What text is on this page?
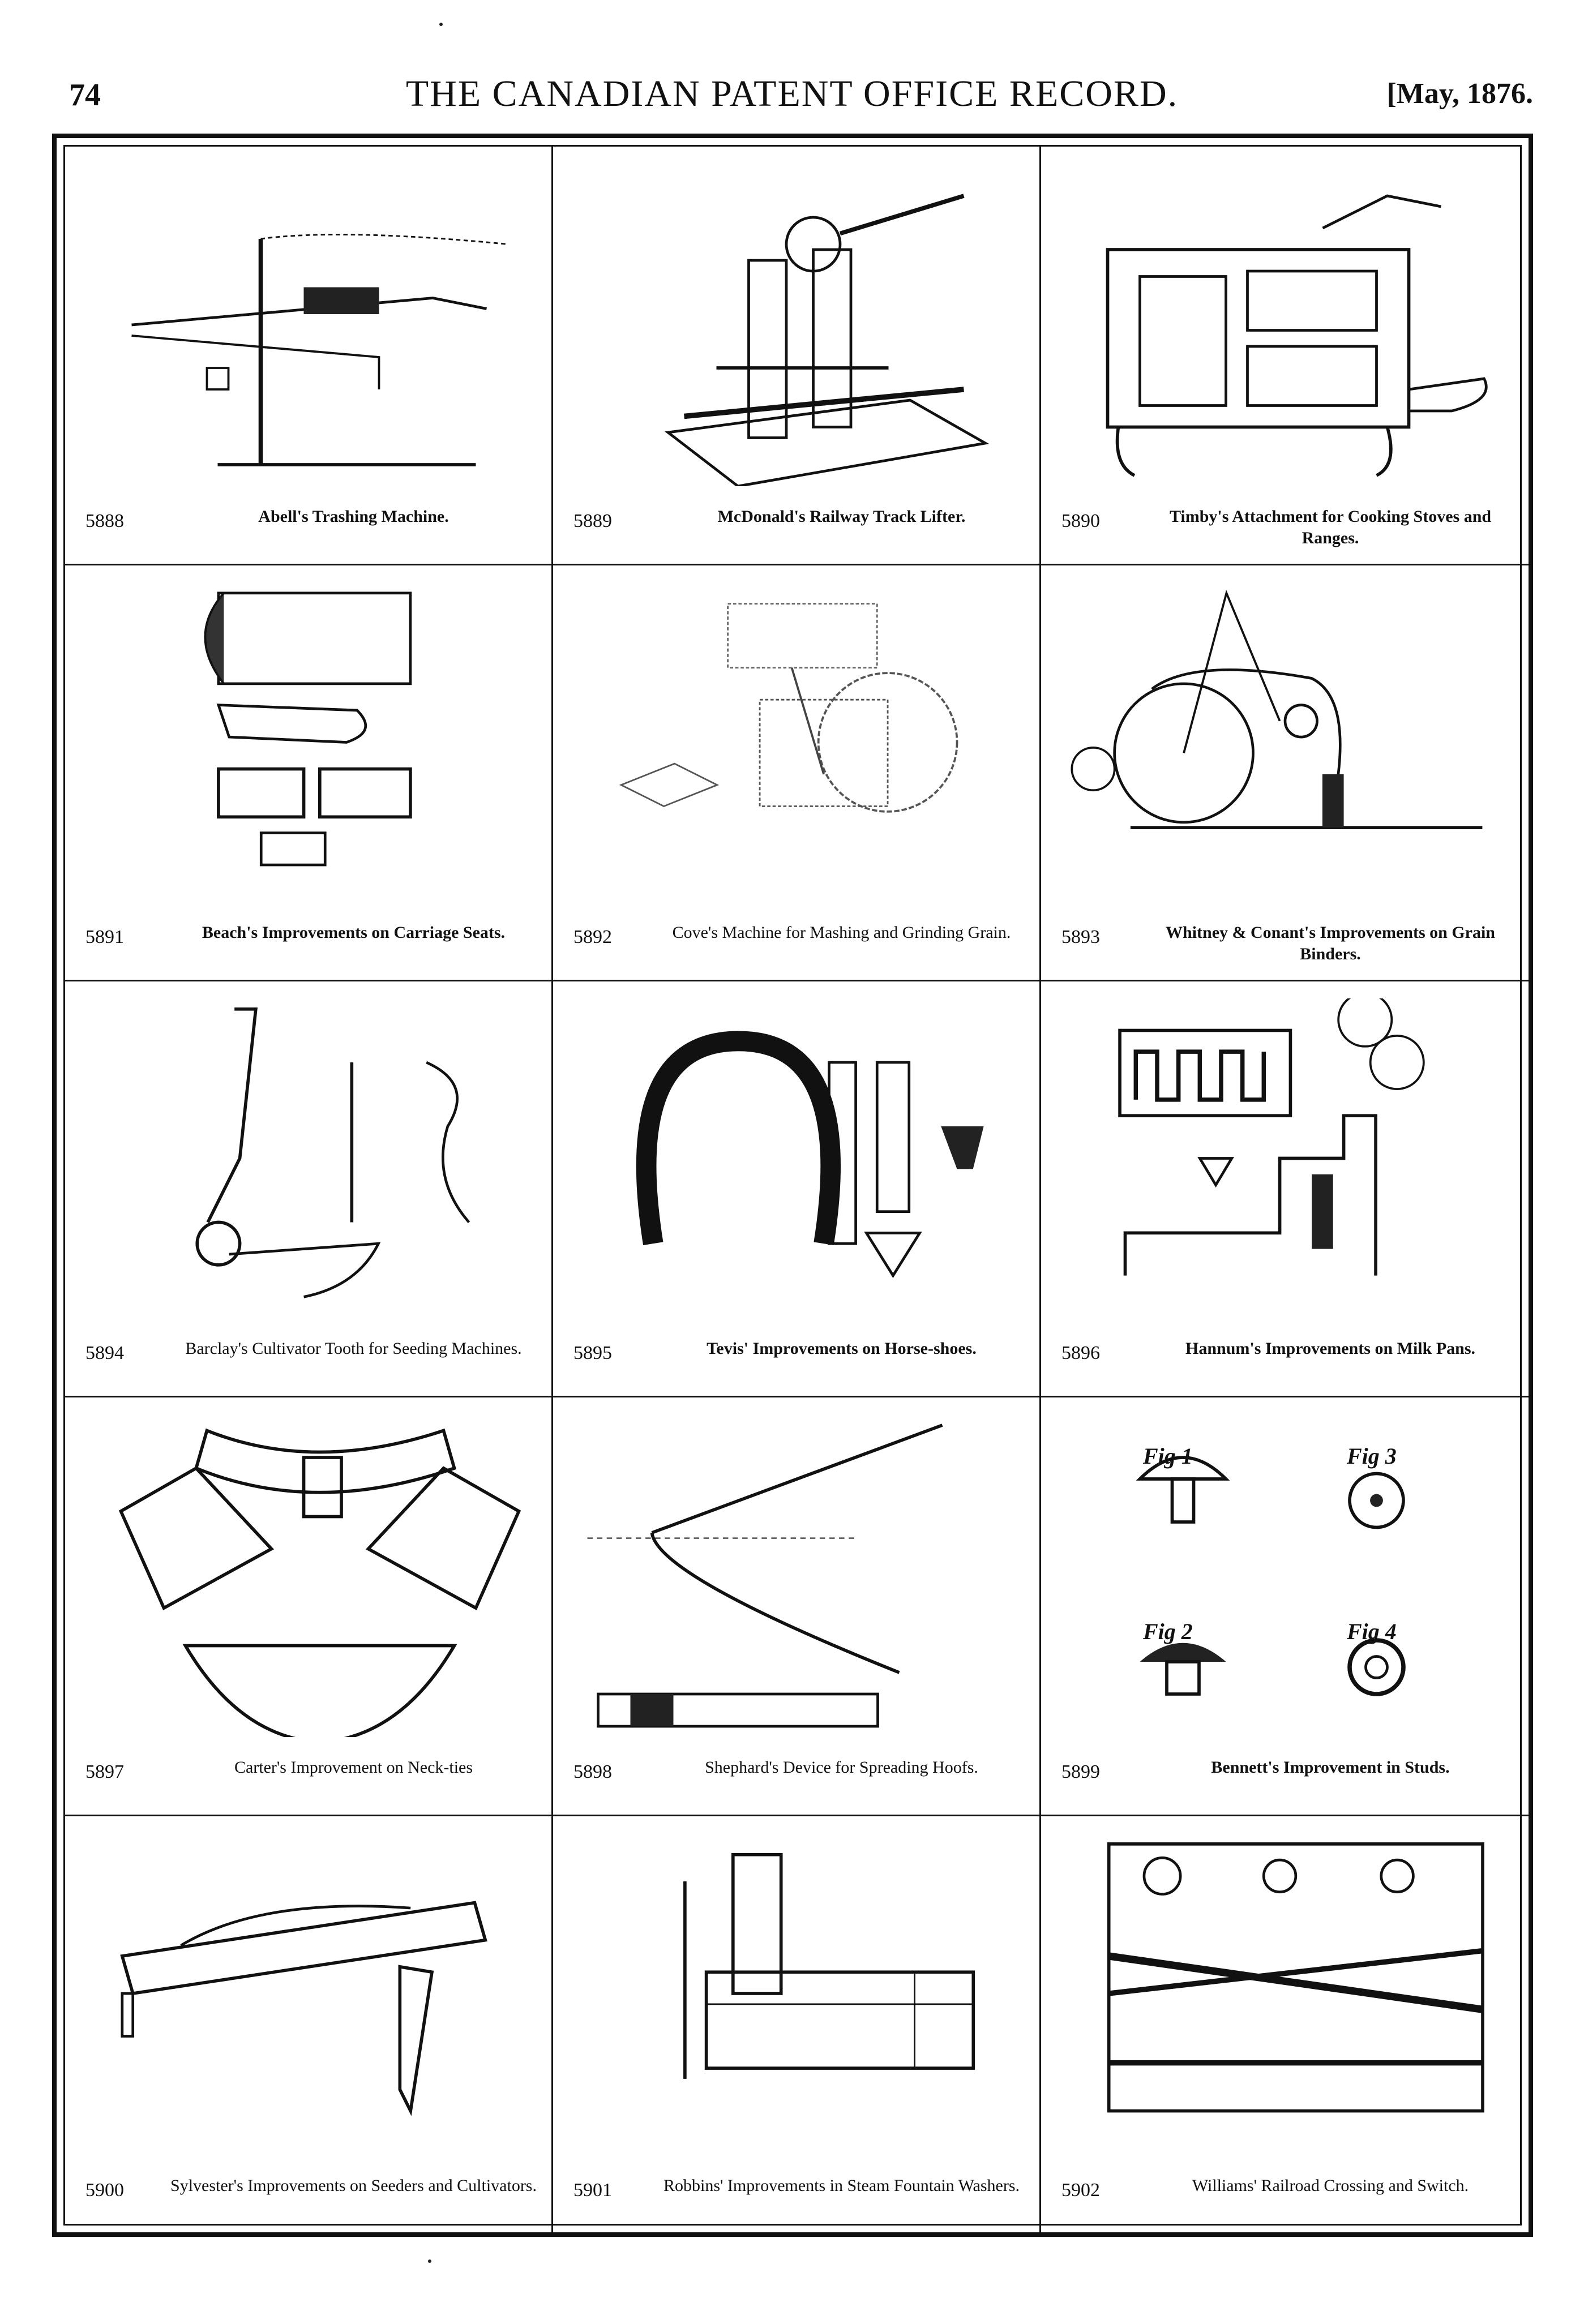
74	THE CANADIAN PATENT OFFICE RECORD.	[May, 1876.
5888	Abell's Trashing Machine.	5889	McDonald's Railway Track Lifter.	5890	Timby's Attachment for Cooking Stoves and Ranges.
5891	Beach's Improvements on Carriage Seats.	5892	Cove's Machine for Mashing and Grinding Grain.	5893	Whitney & Conant's Improvements on Grain Binders.
5894	Barclay's Cultivator Tooth for Seeding Machines.	5895	Tevis' Improvements on Horse-shoes.	5896	Hannum's Improvements on Milk Pans.
5897	Carter's Improvement on Neck-ties	5898	Shephard's Device for Spreading Hoofs.	5899	Bennett's Improvement in Studs.
Fig 1	Fig 3
Fig 2	Fig 4
5900	Sylvester's Improvements on Seeders and Cultivators. 5901	Robbins' Improvements in Steam Fountain Washers.	5902	Williams' Railroad Crossing and Switch.
